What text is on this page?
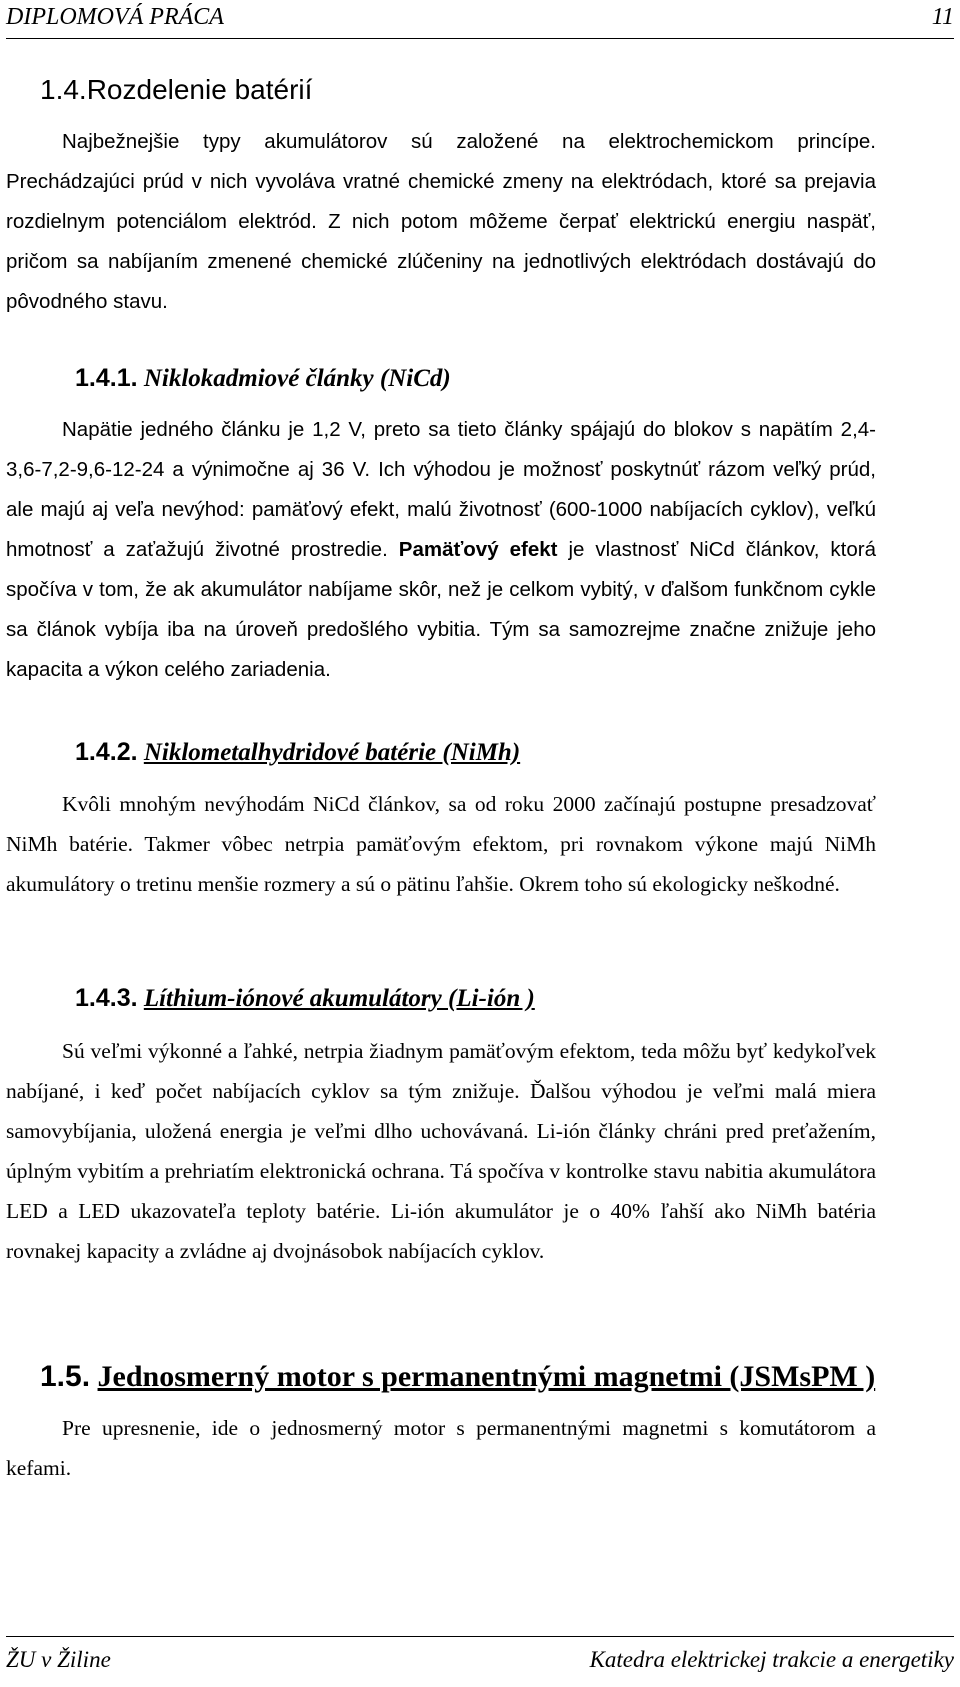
DIPLOMOVÁ PRÁCA	11
1.4.Rozdelenie batérií
Najbežnejšie typy akumulátorov sú založené na elektrochemickom princípe. Prechádzajúci prúd v nich vyvoláva vratné chemické zmeny na elektródach, ktoré sa prejavia rozdielnym potenciálom elektród. Z nich potom môžeme čerpať elektrickú energiu naspäť, pričom sa nabíjaním zmenené chemické zlúčeniny na jednotlivých elektródach dostávajú do pôvodného stavu.
1.4.1. Niklokadmiové články (NiCd)
Napätie jedného článku je 1,2 V, preto sa tieto články spájajú do blokov s napätím 2,4-3,6-7,2-9,6-12-24 a výnimočne aj 36 V. Ich výhodou je možnosť poskytnúť rázom veľký prúd, ale majú aj veľa nevýhod: pamäťový efekt, malú životnosť (600-1000 nabíjacích cyklov), veľkú hmotnosť a zaťažujú životné prostredie. Pamäťový efekt je vlastnosť NiCd článkov, ktorá spočíva v tom, že ak akumulátor nabíjame skôr, než je celkom vybitý, v ďalšom funkčnom cykle sa článok vybíja iba na úroveň predošlého vybitia. Tým sa samozrejme značne znižuje jeho kapacita a výkon celého zariadenia.
1.4.2. Niklometalhydridové batérie (NiMh)
Kvôli mnohým nevýhodám NiCd článkov, sa od roku 2000 začínajú postupne presadzovať NiMh batérie. Takmer vôbec netrpia pamäťovým efektom, pri rovnakom výkone majú NiMh akumulátory o tretinu menšie rozmery a sú o pätinu ľahšie. Okrem toho sú ekologicky neškodné.
1.4.3. Líthium-iónové akumulátory (Li-ión )
Sú veľmi výkonné a ľahké, netrpia žiadnym pamäťovým efektom, teda môžu byť kedykoľvek nabíjané, i keď počet nabíjacích cyklov sa tým znižuje. Ďalšou výhodou je veľmi malá miera samovybíjania, uložená energia je veľmi dlho uchovávaná. Li-ión články chráni pred preťažením, úplným vybitím a prehriatím elektronická ochrana. Tá spočíva v kontrolke stavu nabitia akumulátora LED a LED ukazovateľa teploty batérie. Li-ión akumulátor je o 40% ľahší ako NiMh batéria rovnakej kapacity a zvládne aj dvojnásobok nabíjacích cyklov.
1.5. Jednosmerný motor s permanentnými magnetmi (JSMsPM )
Pre upresnenie, ide o jednosmerný motor s permanentnými magnetmi s komutátorom a kefami.
ŽU v Žiline	Katedra elektrickej trakcie a energetiky
